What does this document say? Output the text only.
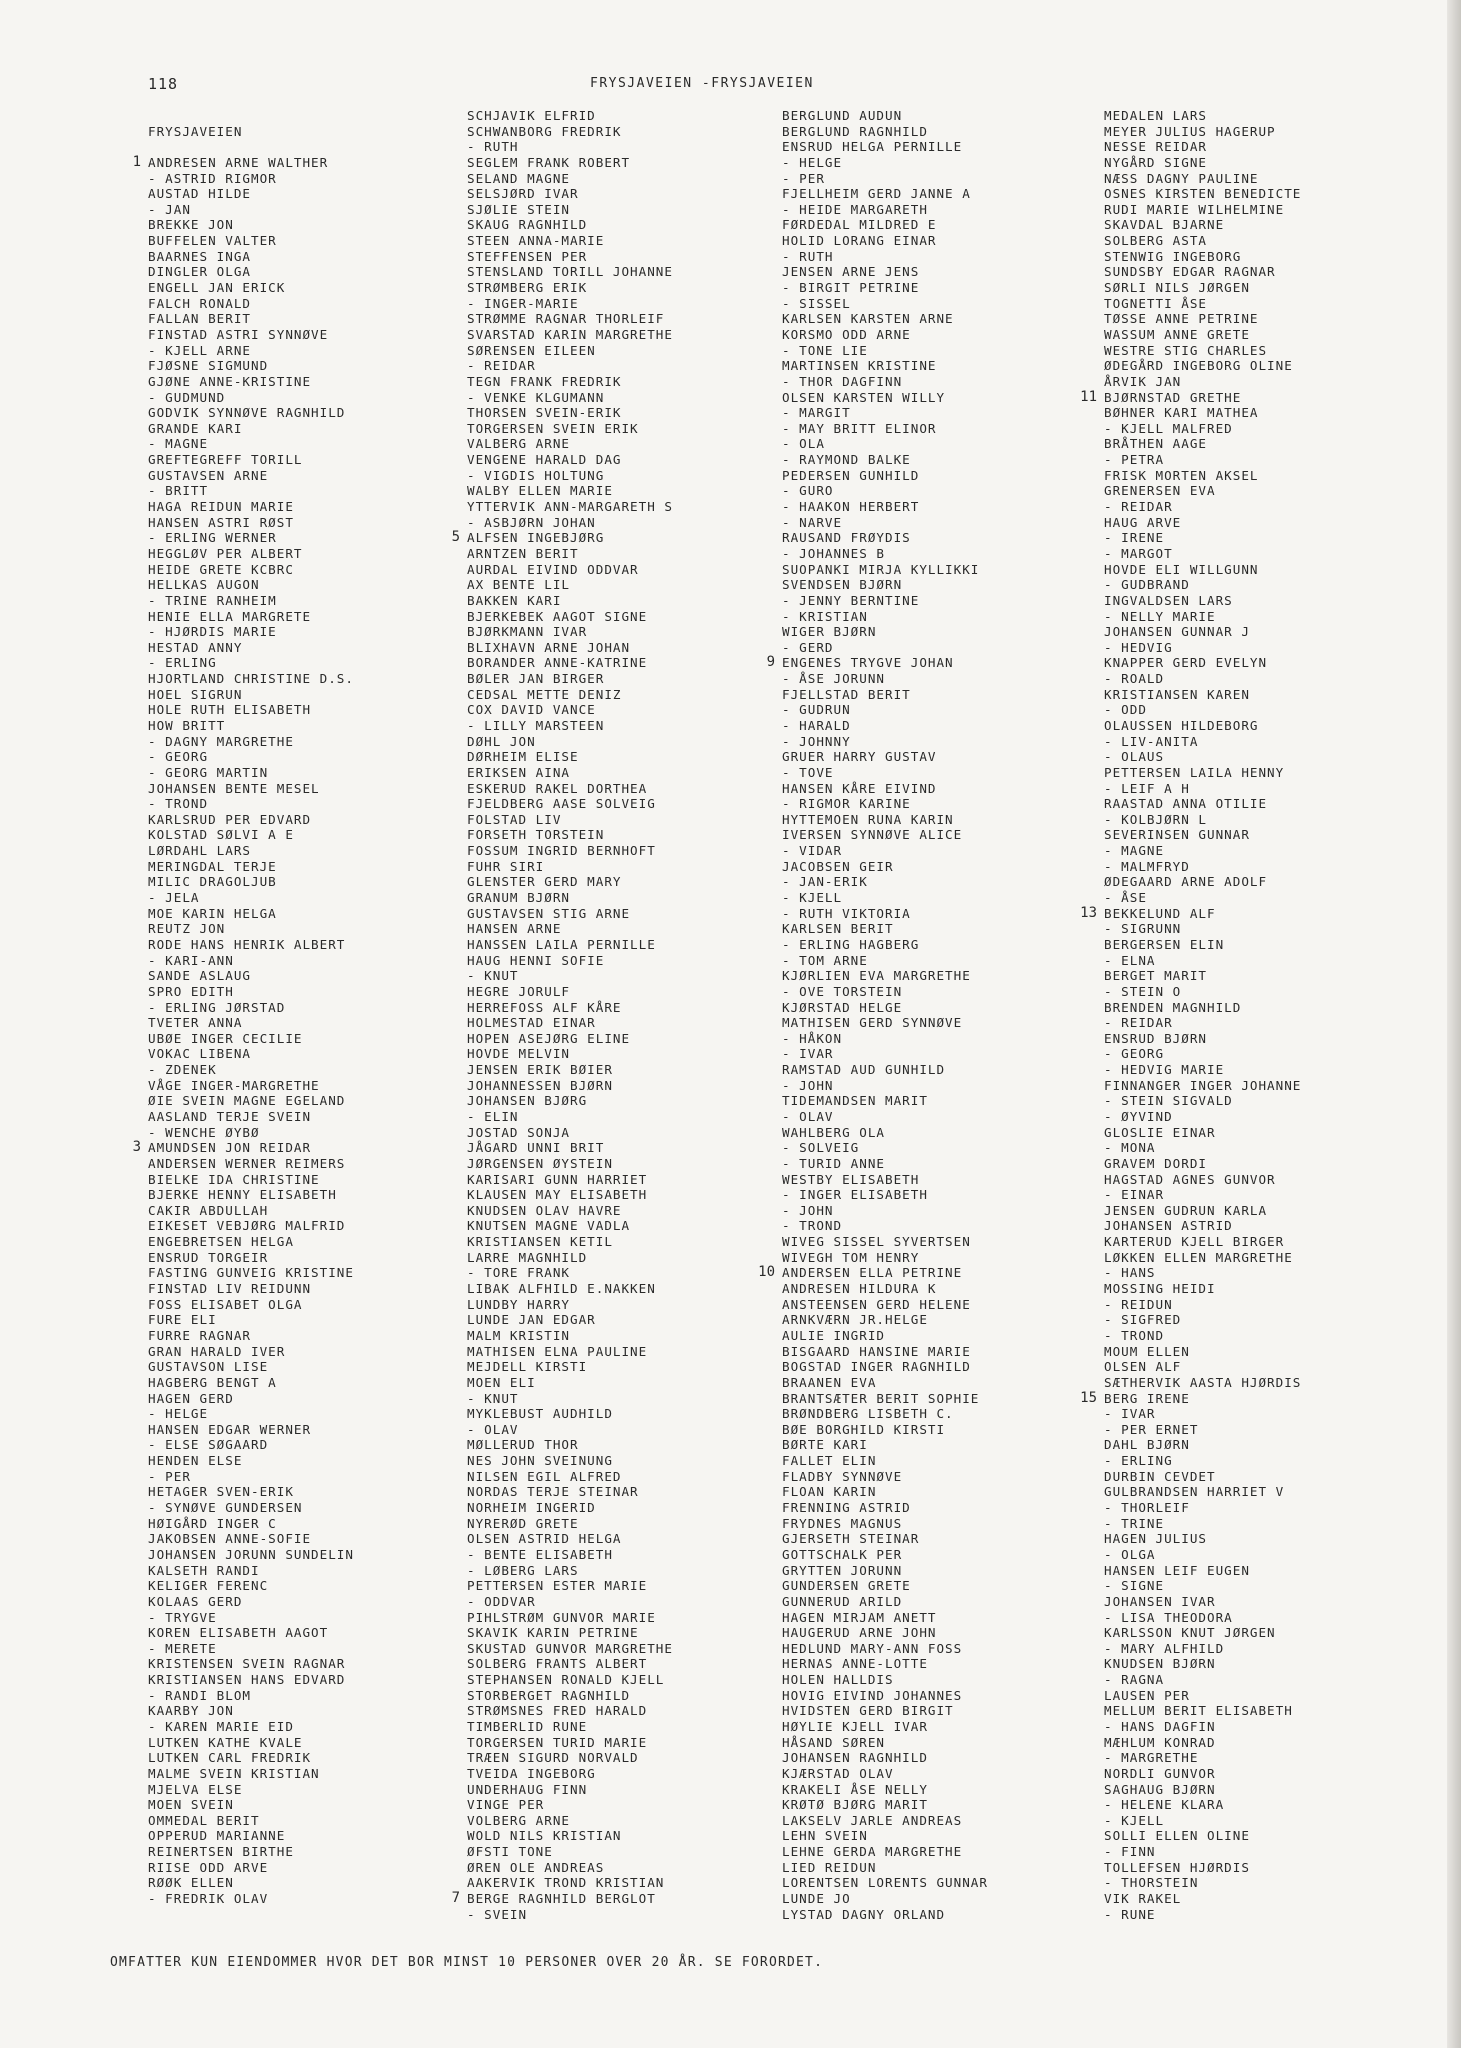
118	FRYSJAVEIEN -FRYSJAVEIEN
FRYSJAVEIEN
1 ANDRESEN ARNE WALTHER
- ASTRID RIGMOR
AUSTAD HILDE
- JAN
BREKKE JON
BUFFELEN VALTER
BAARNES INGA
DINGLER OLGA
ENGELL JAN ERICK
FALCH RONALD
FALLAN BERIT
FINSTAD ASTRI SYNNØVE
- KJELL ARNE
FJØSNE SIGMUND
GJØNE ANNE-KRISTINE
- GUDMUND
GODVIK SYNNØVE RAGNHILD
GRANDE KARI
- MAGNE
GREFTEGREFF TORILL
GUSTAVSEN ARNE
- BRITT
HAGA REIDUN MARIE
HANSEN ASTRI RØST
- ERLING WERNER
HEGGLØV PER ALBERT
HEIDE GRETE KCBRC
HELLKAS AUGON
- TRINE RANHEIM
HENIE ELLA MARGRETE
- HJØRDIS MARIE
HESTAD ANNY
- ERLING
HJORTLAND CHRISTINE D.S.
HOEL SIGRUN
HOLE RUTH ELISABETH
HOW BRITT
- DAGNY MARGRETHE
- GEORG
- GEORG MARTIN
JOHANSEN BENTE MESEL
- TROND
KARLSRUD PER EDVARD
KOLSTAD SØLVI A E
LØRDAHL LARS
MERINGDAL TERJE
MILIC DRAGOLJUB
- JELA
MOE KARIN HELGA
REUTZ JON
RODE HANS HENRIK ALBERT
- KARI-ANN
SANDE ASLAUG
SPRO EDITH
- ERLING JØRSTAD
TVETER ANNA
UBØE INGER CECILIE
VOKAC LIBENA
- ZDENEK
VÅGE INGER-MARGRETHE
ØIE SVEIN MAGNE EGELAND
AASLAND TERJE SVEIN
- WENCHE ØYBØ
3 AMUNDSEN JON REIDAR
ANDERSEN WERNER REIMERS
BIELKE IDA CHRISTINE
BJERKE HENNY ELISABETH
CAKIR ABDULLAH
EIKESET VEBJØRG MALFRID
ENGEBRETSEN HELGA
ENSRUD TORGEIR
FASTING GUNVEIG KRISTINE
FINSTAD LIV REIDUNN
FOSS ELISABET OLGA
FURE ELI
FURRE RAGNAR
GRAN HARALD IVER
GUSTAVSON LISE
HAGBERG BENGT A
HAGEN GERD
- HELGE
HANSEN EDGAR WERNER
- ELSE SØGAARD
HENDEN ELSE
- PER
HETAGER SVEN-ERIK
- SYNØVE GUNDERSEN
HØIGÅRD INGER C
JAKOBSEN ANNE-SOFIE
JOHANSEN JORUNN SUNDELIN
KALSETH RANDI
KELIGER FERENC
KOLAAS GERD
- TRYGVE
KOREN ELISABETH AAGOT
- MERETE
KRISTENSEN SVEIN RAGNAR
KRISTIANSEN HANS EDVARD
- RANDI BLOM
KAARBY JON
- KAREN MARIE EID
LUTKEN KATHE KVALE
LUTKEN CARL FREDRIK
MALME SVEIN KRISTIAN
MJELVA ELSE
MOEN SVEIN
OMMEDAL BERIT
OPPERUD MARIANNE
REINERTSEN BIRTHE
RIISE ODD ARVE
RØØK ELLEN
- FREDRIK OLAV
SCHJAVIK ELFRID
SCHWANBORG FREDRIK
- RUTH
SEGLEM FRANK ROBERT
SELAND MAGNE
SELSJØRD IVAR
SJØLIE STEIN
SKAUG RAGNHILD
STEEN ANNA-MARIE
STEFFENSEN PER
STENSLAND TORILL JOHANNE
STRØMBERG ERIK
- INGER-MARIE
STRØMME RAGNAR THORLEIF
SVARSTAD KARIN MARGRETHE
SØRENSEN EILEEN
- REIDAR
TEGN FRANK FREDRIK
- VENKE KLGUMANN
THORSEN SVEIN-ERIK
TORGERSEN SVEIN ERIK
VALBERG ARNE
VENGENE HARALD DAG
- VIGDIS HOLTUNG
WALBY ELLEN MARIE
YTTERVIK ANN-MARGARETH S
- ASBJØRN JOHAN
5 ALFSEN INGEBJØRG
ARNTZEN BERIT
AURDAL EIVIND ODDVAR
AX BENTE LIL
BAKKEN KARI
BJERKEBEK AAGOT SIGNE
BJØRKMANN IVAR
BLIXHAVN ARNE JOHAN
BORANDER ANNE-KATRINE
BØLER JAN BIRGER
CEDSAL METTE DENIZ
COX DAVID VANCE
- LILLY MARSTEEN
DØHL JON
DØRHEIM ELISE
ERIKSEN AINA
ESKERUD RAKEL DORTHEA
FJELDBERG AASE SOLVEIG
FOLSTAD LIV
FORSETH TORSTEIN
FOSSUM INGRID BERNHOFT
FUHR SIRI
GLENSTER GERD MARY
GRANUM BJØRN
GUSTAVSEN STIG ARNE
HANSEN ARNE
HANSSEN LAILA PERNILLE
HAUG HENNI SOFIE
- KNUT
HEGRE JORULF
HERREFOSS ALF KÅRE
HOLMESTAD EINAR
HOPEN ASEJØRG ELINE
HOVDE MELVIN
JENSEN ERIK BØIER
JOHANNESSEN BJØRN
JOHANSEN BJØRG
- ELIN
JOSTAD SONJA
JÅGARD UNNI BRIT
JØRGENSEN ØYSTEIN
KARISARI GUNN HARRIET
KLAUSEN MAY ELISABETH
KNUDSEN OLAV HAVRE
KNUTSEN MAGNE VADLA
KRISTIANSEN KETIL
LARRE MAGNHILD
- TORE FRANK
LIBAK ALFHILD E.NAKKEN
LUNDBY HARRY
LUNDE JAN EDGAR
MALM KRISTIN
MATHISEN ELNA PAULINE
MEJDELL KIRSTI
MOEN ELI
- KNUT
MYKLEBUST AUDHILD
- OLAV
MØLLERUD THOR
NES JOHN SVEINUNG
NILSEN EGIL ALFRED
NORDAS TERJE STEINAR
NORHEIM INGERID
NYRERØD GRETE
OLSEN ASTRID HELGA
- BENTE ELISABETH
- LØBERG LARS
PETTERSEN ESTER MARIE
- ODDVAR
PIHLSTRØM GUNVOR MARIE
SKAVIK KARIN PETRINE
SKUSTAD GUNVOR MARGRETHE
SOLBERG FRANTS ALBERT
STEPHANSEN RONALD KJELL
STORBERGET RAGNHILD
STRØMSNES FRED HARALD
TIMBERLID RUNE
TORGERSEN TURID MARIE
TRÆEN SIGURD NORVALD
TVEIDA INGEBORG
UNDERHAUG FINN
VINGE PER
VOLBERG ARNE
WOLD NILS KRISTIAN
ØFSTI TONE
ØREN OLE ANDREAS
AAKERVIK TROND KRISTIAN
7 BERGE RAGNHILD BERGLOT
- SVEIN
BERGLUND AUDUN
BERGLUND RAGNHILD
ENSRUD HELGA PERNILLE
- HELGE
- PER
FJELLHEIM GERD JANNE A
- HEIDE MARGARETH
FØRDEDAL MILDRED E
HOLID LORANG EINAR
- RUTH
JENSEN ARNE JENS
- BIRGIT PETRINE
- SISSEL
KARLSEN KARSTEN ARNE
KORSMO ODD ARNE
- TONE LIE
MARTINSEN KRISTINE
- THOR DAGFINN
OLSEN KARSTEN WILLY
- MARGIT
- MAY BRITT ELINOR
- OLA
- RAYMOND BALKE
PEDERSEN GUNHILD
- GURO
- HAAKON HERBERT
- NARVE
RAUSAND FRØYDIS
- JOHANNES B
SUOPANKI MIRJA KYLLIKKI
SVENDSEN BJØRN
- JENNY BERNTINE
- KRISTIAN
WIGER BJØRN
- GERD
9 ENGENES TRYGVE JOHAN
- ÅSE JORUNN
FJELLSTAD BERIT
- GUDRUN
- HARALD
- JOHNNY
GRUER HARRY GUSTAV
- TOVE
HANSEN KÅRE EIVIND
- RIGMOR KARINE
HYTTEMOEN RUNA KARIN
IVERSEN SYNNØVE ALICE
- VIDAR
JACOBSEN GEIR
- JAN-ERIK
- KJELL
- RUTH VIKTORIA
KARLSEN BERIT
- ERLING HAGBERG
- TOM ARNE
KJØRLIEN EVA MARGRETHE
- OVE TORSTEIN
KJØRSTAD HELGE
MATHISEN GERD SYNNØVE
- HÅKON
- IVAR
RAMSTAD AUD GUNHILD
- JOHN
TIDEMANDSEN MARIT
- OLAV
WAHLBERG OLA
- SOLVEIG
- TURID ANNE
WESTBY ELISABETH
- INGER ELISABETH
- JOHN
- TROND
WIVEG SISSEL SYVERTSEN
WIVEGH TOM HENRY
10 ANDERSEN ELLA PETRINE
ANDRESEN HILDURA K
ANSTEENSEN GERD HELENE
ARNKVÆRN JR.HELGE
AULIE INGRID
BISGAARD HANSINE MARIE
BOGSTAD INGER RAGNHILD
BRAANEN EVA
BRANTSÆTER BERIT SOPHIE
BRØNDBERG LISBETH C.
BØE BORGHILD KIRSTI
BØRTE KARI
FALLET ELIN
FLADBY SYNNØVE
FLOAN KARIN
FRENNING ASTRID
FRYDNES MAGNUS
GJERSETH STEINAR
GOTTSCHALK PER
GRYTTEN JORUNN
GUNDERSEN GRETE
GUNNERUD ARILD
HAGEN MIRJAM ANETT
HAUGERUD ARNE JOHN
HEDLUND MARY-ANN FOSS
HERNAS ANNE-LOTTE
HOLEN HALLDIS
HOVIG EIVIND JOHANNES
HVIDSTEN GERD BIRGIT
HØYLIE KJELL IVAR
HÅSAND SØREN
JOHANSEN RAGNHILD
KJÆRSTAD OLAV
KRAKELI ÅSE NELLY
KRØTØ BJØRG MARIT
LAKSELV JARLE ANDREAS
LEHN SVEIN
LEHNE GERDA MARGRETHE
LIED REIDUN
LORENTSEN LORENTS GUNNAR
LUNDE JO
LYSTAD DAGNY ORLAND
MEDALEN LARS
MEYER JULIUS HAGERUP
NESSE REIDAR
NYGÅRD SIGNE
NÆSS DAGNY PAULINE
OSNES KIRSTEN BENEDICTE
RUDI MARIE WILHELMINE
SKAVDAL BJARNE
SOLBERG ASTA
STENWIG INGEBORG
SUNDSBY EDGAR RAGNAR
SØRLI NILS JØRGEN
TOGNETTI ÅSE
TØSSE ANNE PETRINE
WASSUM ANNE GRETE
WESTRE STIG CHARLES
ØDEGÅRD INGEBORG OLINE
ÅRVIK JAN
11 BJØRNSTAD GRETHE
BØHNER KARI MATHEA
- KJELL MALFRED
BRÅTHEN AAGE
- PETRA
FRISK MORTEN AKSEL
GRENERSEN EVA
- REIDAR
HAUG ARVE
- IRENE
- MARGOT
HOVDE ELI WILLGUNN
- GUDBRAND
INGVALDSEN LARS
- NELLY MARIE
JOHANSEN GUNNAR J
- HEDVIG
KNAPPER GERD EVELYN
- ROALD
KRISTIANSEN KAREN
- ODD
OLAUSSEN HILDEBORG
- LIV-ANITA
- OLAUS
PETTERSEN LAILA HENNY
- LEIF A H
RAASTAD ANNA OTILIE
- KOLBJØRN L
SEVERINSEN GUNNAR
- MAGNE
- MALMFRYD
ØDEGAARD ARNE ADOLF
- ÅSE
13 BEKKELUND ALF
- SIGRUNN
BERGERSEN ELIN
- ELNA
BERGET MARIT
- STEIN O
BRENDEN MAGNHILD
- REIDAR
ENSRUD BJØRN
- GEORG
- HEDVIG MARIE
FINNANGER INGER JOHANNE
- STEIN SIGVALD
- ØYVIND
GLOSLIE EINAR
- MONA
GRAVEM DORDI
HAGSTAD AGNES GUNVOR
- EINAR
JENSEN GUDRUN KARLA
JOHANSEN ASTRID
KARTERUD KJELL BIRGER
LØKKEN ELLEN MARGRETHE
- HANS
MOSSING HEIDI
- REIDUN
- SIGFRED
- TROND
MOUM ELLEN
OLSEN ALF
SÆTHERVIK AASTA HJØRDIS
15 BERG IRENE
- IVAR
- PER ERNET
DAHL BJØRN
- ERLING
DURBIN CEVDET
GULBRANDSEN HARRIET V
- THORLEIF
- TRINE
HAGEN JULIUS
- OLGA
HANSEN LEIF EUGEN
- SIGNE
JOHANSEN IVAR
- LISA THEODORA
KARLSSON KNUT JØRGEN
- MARY ALFHILD
KNUDSEN BJØRN
- RAGNA
LAUSEN PER
MELLUM BERIT ELISABETH
- HANS DAGFIN
MÆHLUM KONRAD
- MARGRETHE
NORDLI GUNVOR
SAGHAUG BJØRN
- HELENE KLARA
- KJELL
SOLLI ELLEN OLINE
- FINN
TOLLEFSEN HJØRDIS
- THORSTEIN
VIK RAKEL
- RUNE
OMFATTER KUN EIENDOMMER HVOR DET BOR MINST 10 PERSONER OVER 20 ÅR. SE FORORDET.
